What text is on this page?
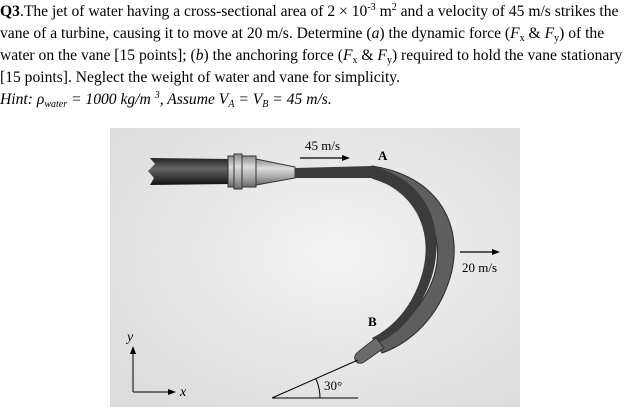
Q3.The jet of water having a cross-sectional area of $2 \times 10^{-3}$ $m^2$ and a velocity of 45 m/s strikes the vane of a turbine, causing it to move at 20 m/s. Determine (a) the dynamic force ($F_x$ & $F_y$) of the water on the vane [15 points]; (b) the anchoring force ($F_x$ & $F_y$) required to hold the vane stationary [15 points]. Neglect the weight of water and vane for simplicity.
Hint: $\rho_{water} = 1000$ kg/m $^3$, Assume $V_A = V_B = 45$ m/s.
45 m/s
A
20 m/s
B
30°
y
x
